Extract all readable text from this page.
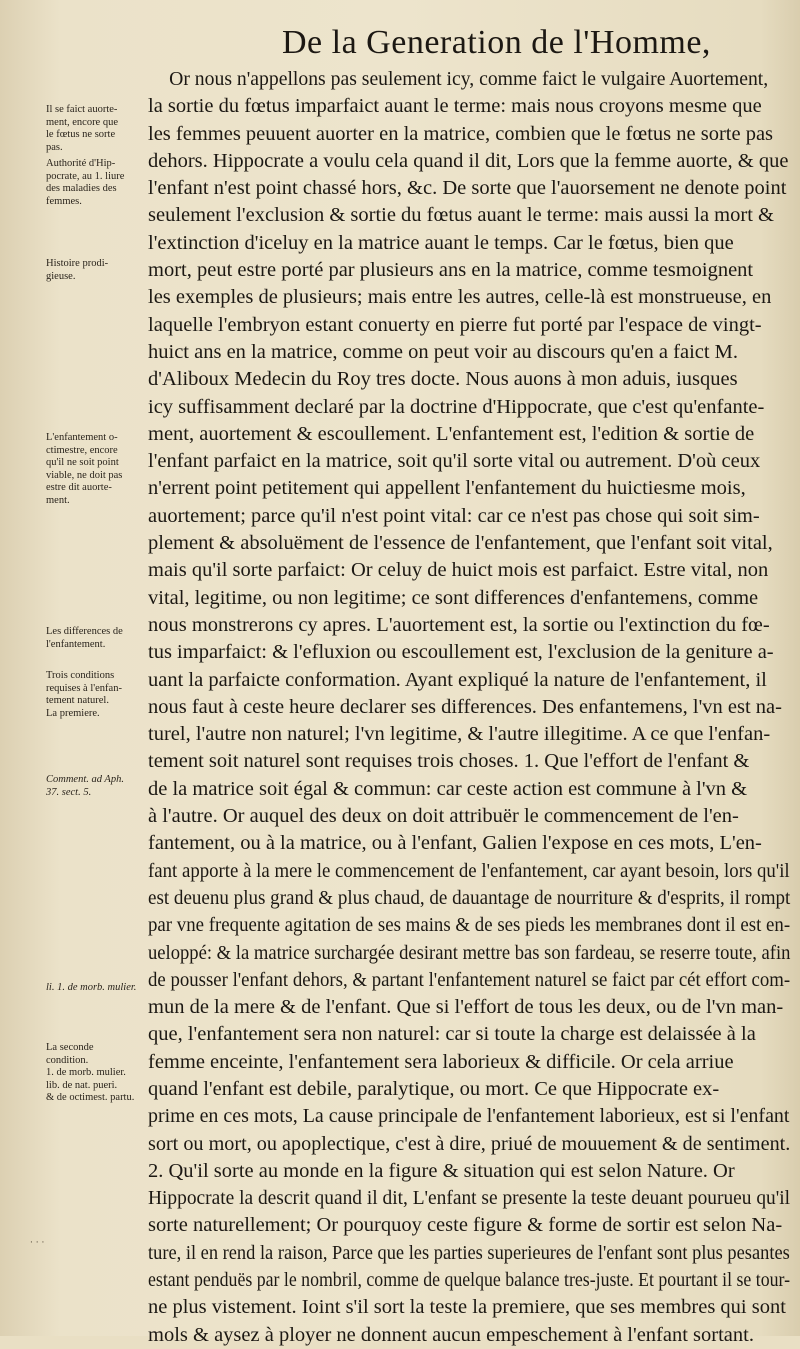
De la Generation de l'Homme,
Or nous n'appellons pas seulement icy, comme faict le vulgaire Auortement,
la sortie du fœtus imparfaict auant le terme: mais nous croyons mesme que
les femmes peuuent auorter en la matrice, combien que le fœtus ne sorte pas
dehors. Hippocrate a voulu cela quand il dit, Lors que la femme auorte, & que
l'enfant n'est point chassé hors, &c. De sorte que l'auorsement ne denote point
seulement l'exclusion & sortie du fœtus auant le terme: mais aussi la mort &
l'extinction d'iceluy en la matrice auant le temps. Car le fœtus, bien que
mort, peut estre porté par plusieurs ans en la matrice, comme tesmoignent
les exemples de plusieurs; mais entre les autres, celle-là est monstrueuse, en
laquelle l'embryon estant conuerty en pierre fut porté par l'espace de vingt-
huict ans en la matrice, comme on peut voir au discours qu'en a faict M.
d'Aliboux Medecin du Roy tres docte. Nous auons à mon aduis, iusques
icy suffisamment declaré par la doctrine d'Hippocrate, que c'est qu'enfante-
ment, auortement & escoullement. L'enfantement est, l'edition & sortie de
l'enfant parfaict en la matrice, soit qu'il sorte vital ou autrement. D'où ceux
n'errent point petitement qui appellent l'enfantement du huictiesme mois,
auortement; parce qu'il n'est point vital: car ce n'est pas chose qui soit sim-
plement & absoluëment de l'essence de l'enfantement, que l'enfant soit vital,
mais qu'il sorte parfaict: Or celuy de huict mois est parfaict. Estre vital, non
vital, legitime, ou non legitime; ce sont differences d'enfantemens, comme
nous monstrerons cy apres. L'auortement est, la sortie ou l'extinction du fœ-
tus imparfaict: & l'efluxion ou escoullement est, l'exclusion de la geniture a-
uant la parfaicte conformation. Ayant expliqué la nature de l'enfantement, il
nous faut à ceste heure declarer ses differences. Des enfantemens, l'vn est na-
turel, l'autre non naturel; l'vn legitime, & l'autre illegitime. A ce que l'enfan-
tement soit naturel sont requises trois choses. 1. Que l'effort de l'enfant &
de la matrice soit égal & commun: car ceste action est commune à l'vn &
à l'autre. Or auquel des deux on doit attribuër le commencement de l'en-
fantement, ou à la matrice, ou à l'enfant, Galien l'expose en ces mots, L'en-
fant apporte à la mere le commencement de l'enfantement, car ayant besoin, lors qu'il
est deuenu plus grand & plus chaud, de dauantage de nourriture & d'esprits, il rompt
par vne frequente agitation de ses mains & de ses pieds les membranes dont il est en-
ueloppé: & la matrice surchargée desirant mettre bas son fardeau, se reserre toute, afin
de pousser l'enfant dehors, & partant l'enfantement naturel se faict par cét effort com-
mun de la mere & de l'enfant. Que si l'effort de tous les deux, ou de l'vn man-
que, l'enfantement sera non naturel: car si toute la charge est delaissée à la
femme enceinte, l'enfantement sera laborieux & difficile. Or cela arriue
quand l'enfant est debile, paralytique, ou mort. Ce que Hippocrate ex-
prime en ces mots, La cause principale de l'enfantement laborieux, est si l'enfant
sort ou mort, ou apoplectique, c'est à dire, priué de mouuement & de sentiment.
2. Qu'il sorte au monde en la figure & situation qui est selon Nature. Or
Hippocrate la descrit quand il dit, L'enfant se presente la teste deuant pourueu qu'il
sorte naturellement; Or pourquoy ceste figure & forme de sortir est selon Na-
ture, il en rend la raison, Parce que les parties superieures de l'enfant sont plus pesantes
estant penduës par le nombril, comme de quelque balance tres-juste. Et pourtant il se tour-
ne plus vistement. Ioint s'il sort la teste la premiere, que ses membres qui sont
mols & aysez à ployer ne donnent aucun empeschement à l'enfant sortant.
Il se faict auorte-
ment, encore que
le fœtus ne sorte
pas.
Authorité d'Hip-
pocrate, au 1. liure
des maladies des
femmes.
Histoire prodi-
gieuse.
L'enfantement o-
ctimestre, encore
qu'il ne soit point
viable, ne doit pas
estre dit auorte-
ment.
Les differences de
l'enfantement.
Trois conditions
requises à l'enfan-
tement naturel.
La premiere.
Comment. ad Aph.
37. sect. 5.
li. 1. de morb. mulier.
La seconde
condition.
1. de morb. mulier.
lib. de nat. pueri.
& de octimest. partu.
· · ·
